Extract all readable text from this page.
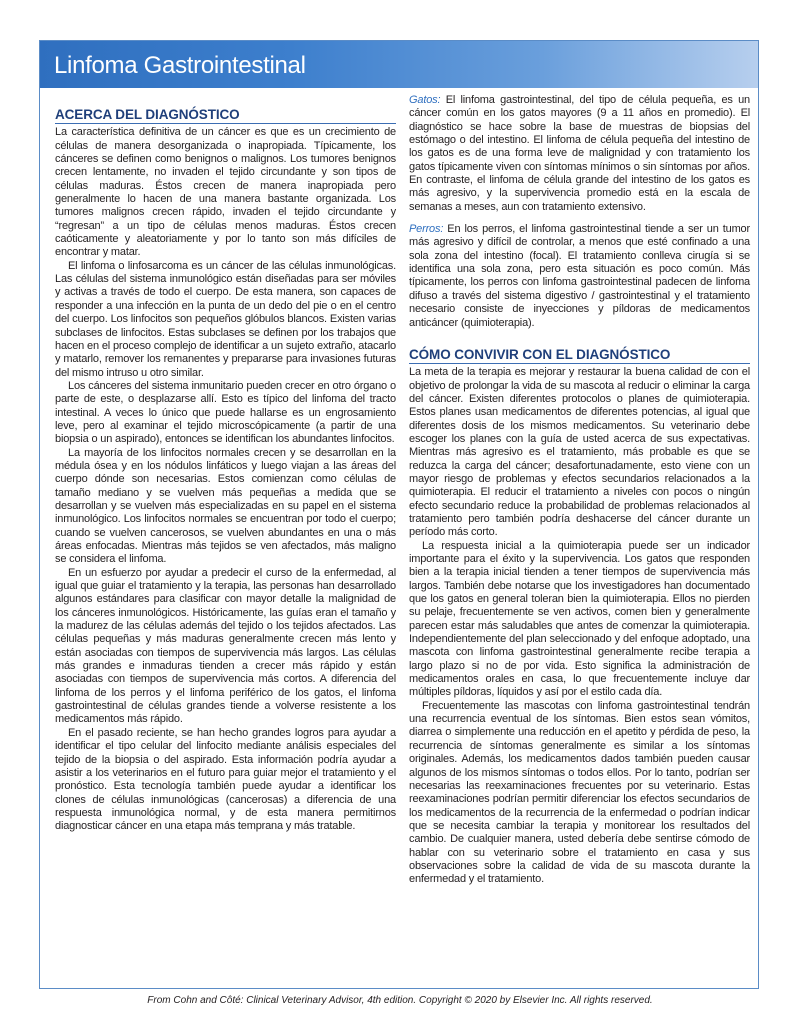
Linfoma Gastrointestinal
ACERCA DEL DIAGNÓSTICO

La característica definitiva de un cáncer es que es un crecimiento de células de manera desorganizada o inapropiada. Típicamente, los cánceres se definen como benignos o malignos. Los tumores benignos crecen lentamente, no invaden el tejido circundante y son tipos de células maduras. Éstos crecen de manera inapropiada pero generalmente lo hacen de una manera bastante organizada. Los tumores malignos crecen rápido, invaden el tejido circundante y “regresan” a un tipo de células menos maduras. Éstos crecen caóticamente y aleatoriamente y por lo tanto son más difíciles de encontrar y matar.

El linfoma o linfosarcoma es un cáncer de las células inmunológicas. Las células del sistema inmunológico están diseñadas para ser móviles y activas a través de todo el cuerpo. De esta manera, son capaces de responder a una infección en la punta de un dedo del pie o en el centro del cuerpo. Los linfocitos son pequeños glóbulos blancos. Existen varias subclases de linfocitos. Estas subclases se definen por los trabajos que hacen en el proceso complejo de identificar a un sujeto extraño, atacarlo y matarlo, remover los remanentes y prepararse para invasiones futuras del mismo intruso u otro similar.

Los cánceres del sistema inmunitario pueden crecer en otro órgano o parte de este, o desplazarse allí. Esto es típico del linfoma del tracto intestinal. A veces lo único que puede hallarse es un engrosamiento leve, pero al examinar el tejido microscópicamente (a partir de una biopsia o un aspirado), entonces se identifican los abundantes linfocitos.

La mayoría de los linfocitos normales crecen y se desarrollan en la médula ósea y en los nódulos linfáticos y luego viajan a las áreas del cuerpo dónde son necesarias. Estos comienzan como células de tamaño mediano y se vuelven más pequeñas a medida que se desarrollan y se vuelven más especializadas en su papel en el sistema inmunológico. Los linfocitos normales se encuentran por todo el cuerpo; cuando se vuelven cancerosos, se vuelven abundantes en una o más áreas enfocadas. Mientras más tejidos se ven afectados, más maligno se considera el linfoma.

En un esfuerzo por ayudar a predecir el curso de la enfermedad, al igual que guiar el tratamiento y la terapia, las personas han desarrollado algunos estándares para clasificar con mayor detalle la malignidad de los cánceres inmunológicos. Históricamente, las guías eran el tamaño y la madurez de las células además del tejido o los tejidos afectados. Las células pequeñas y más maduras generalmente crecen más lento y están asociadas con tiempos de supervivencia más largos. Las células más grandes e inmaduras tienden a crecer más rápido y están asociadas con tiempos de supervivencia más cortos. A diferencia del linfoma de los perros y el linfoma periférico de los gatos, el linfoma gastrointestinal de células grandes tiende a volverse resistente a los medicamentos más rápido.

En el pasado reciente, se han hecho grandes logros para ayudar a identificar el tipo celular del linfocito mediante análisis especiales del tejido de la biopsia o del aspirado. Esta información podría ayudar a asistir a los veterinarios en el futuro para guiar mejor el tratamiento y el pronóstico. Esta tecnología también puede ayudar a identificar los clones de células inmunológicas (cancerosas) a diferencia de una respuesta inmunológica normal, y de esta manera permitirnos diagnosticar cáncer en una etapa más temprana y más tratable.

Gatos: El linfoma gastrointestinal, del tipo de célula pequeña, es un cáncer común en los gatos mayores (9 a 11 años en promedio). El diagnóstico se hace sobre la base de muestras de biopsias del estómago o del intestino. El linfoma de célula pequeña del intestino de los gatos es de una forma leve de malignidad y con tratamiento los gatos típicamente viven con síntomas mínimos o sin síntomas por años. En contraste, el linfoma de célula grande del intestino de los gatos es más agresivo, y la supervivencia promedio está en la escala de semanas a meses, aun con tratamiento extensivo.

Perros: En los perros, el linfoma gastrointestinal tiende a ser un tumor más agresivo y difícil de controlar, a menos que esté confinado a una sola zona del intestino (focal). El tratamiento conlleva cirugía si se identifica una sola zona, pero esta situación es poco común. Más típicamente, los perros con linfoma gastrointestinal padecen de linfoma difuso a través del sistema digestivo / gastrointestinal y el tratamiento necesario consiste de inyecciones y píldoras de medicamentos anticáncer (quimioterapia).

CÓMO CONVIVIR CON EL DIAGNÓSTICO

La meta de la terapia es mejorar y restaurar la buena calidad de con el objetivo de prolongar la vida de su mascota al reducir o eliminar la carga del cáncer. Existen diferentes protocolos o planes de quimioterapia. Estos planes usan medicamentos de diferentes potencias, al igual que diferentes dosis de los mismos medicamentos. Su veterinario debe escoger los planes con la guía de usted acerca de sus expectativas. Mientras más agresivo es el tratamiento, más probable es que se reduzca la carga del cáncer; desafortunadamente, esto viene con un mayor riesgo de problemas y efectos secundarios relacionados a la quimioterapia. El reducir el tratamiento a niveles con pocos o ningún efecto secundario reduce la probabilidad de problemas relacionados al tratamiento pero también podría deshacerse del cáncer durante un período más corto.

La respuesta inicial a la quimioterapia puede ser un indicador importante para el éxito y la supervivencia. Los gatos que responden bien a la terapia inicial tienden a tener tiempos de supervivencia más largos. También debe notarse que los investigadores han documentado que los gatos en general toleran bien la quimioterapia. Ellos no pierden su pelaje, frecuentemente se ven activos, comen bien y generalmente parecen estar más saludables que antes de comenzar la quimioterapia. Independientemente del plan seleccionado y del enfoque adoptado, una mascota con linfoma gastrointestinal generalmente recibe terapia a largo plazo si no de por vida. Esto significa la administración de medicamentos orales en casa, lo que frecuentemente incluye dar múltiples píldoras, líquidos y así por el estilo cada día.

Frecuentemente las mascotas con linfoma gastrointestinal tendrán una recurrencia eventual de los síntomas. Bien estos sean vómitos, diarrea o simplemente una reducción en el apetito y pérdida de peso, la recurrencia de síntomas generalmente es similar a los síntomas originales. Además, los medicamentos dados también pueden causar algunos de los mismos síntomas o todos ellos. Por lo tanto, podrían ser necesarias las reexaminaciones frecuentes por su veterinario. Estas reexaminaciones podrían permitir diferenciar los efectos secundarios de los medicamentos de la recurrencia de la enfermedad o podrían indicar que se necesita cambiar la terapia y monitorear los resultados del cambio. De cualquier manera, usted debería debe sentirse cómodo de hablar con su veterinario sobre el tratamiento en casa y sus observaciones sobre la calidad de vida de su mascota durante la enfermedad y el tratamiento.

From Cohn and Côté: Clinical Veterinary Advisor, 4th edition. Copyright © 2020 by Elsevier Inc. All rights reserved.
